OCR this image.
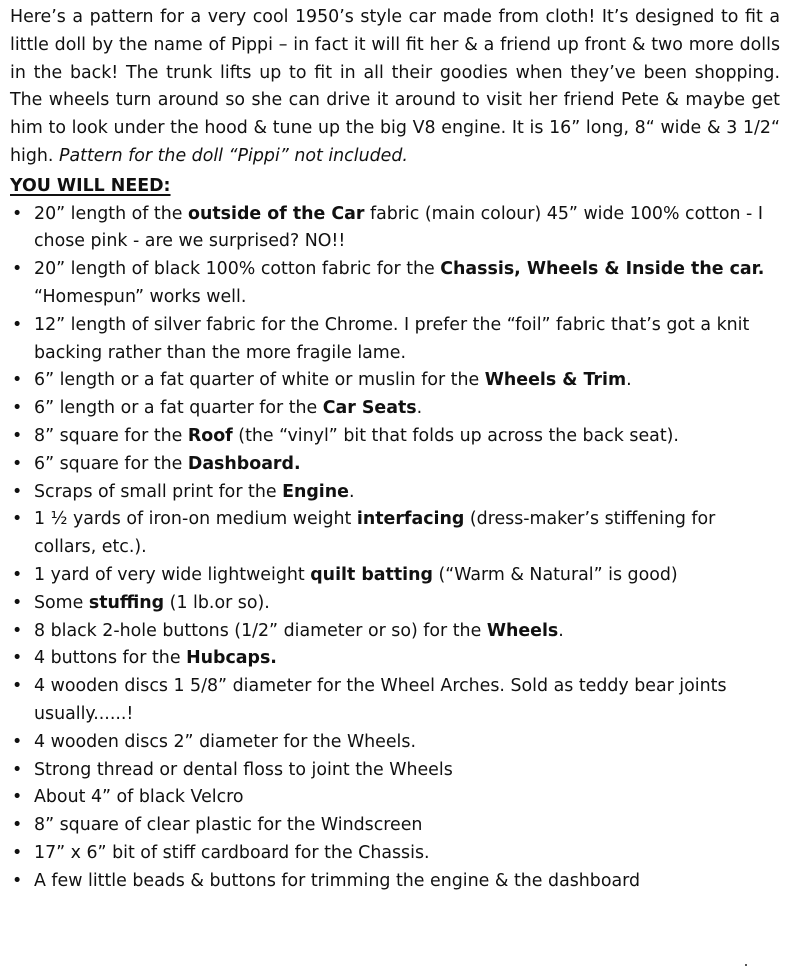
Here’s a pattern for a very cool 1950’s style car made from cloth! It’s designed to fit a little doll by the name of Pippi – in fact it will fit her & a friend up front & two more dolls in the back! The trunk lifts up to fit in all their goodies when they’ve been shopping. The wheels turn around so she can drive it around to visit her friend Pete & maybe get him to look under the hood & tune up the big V8 engine. It is 16” long, 8“ wide & 3 1/2“ high. Pattern for the doll “Pippi” not included.

YOU WILL NEED:
• 20” length of the outside of the Car fabric (main colour) 45” wide 100% cotton - I chose pink - are we surprised? NO!!
• 20” length of black 100% cotton fabric for the Chassis, Wheels & Inside the car. “Homespun” works well.
• 12” length of silver fabric for the Chrome. I prefer the “foil” fabric that’s got a knit backing rather than the more fragile lame.
• 6” length or a fat quarter of white or muslin for the Wheels & Trim.
• 6” length or a fat quarter for the Car Seats.
• 8” square for the Roof (the “vinyl” bit that folds up across the back seat).
• 6” square for the Dashboard.
• Scraps of small print for the Engine.
• 1 ½ yards of iron-on medium weight interfacing (dress-maker’s stiffening for collars, etc.).
• 1 yard of very wide lightweight quilt batting (“Warm & Natural” is good)
• Some stuffing (1 lb.or so).
• 8 black 2-hole buttons (1/2” diameter or so) for the Wheels.
• 4 buttons for the Hubcaps.
• 4 wooden discs 1 5/8” diameter for the Wheel Arches. Sold as teddy bear joints usually......!
• 4 wooden discs 2” diameter for the Wheels.
• Strong thread or dental floss to joint the Wheels
• About 4” of black Velcro
• 8” square of clear plastic for the Windscreen
• 17” x 6” bit of stiff cardboard for the Chassis.
• A few little beads & buttons for trimming the engine & the dashboard
